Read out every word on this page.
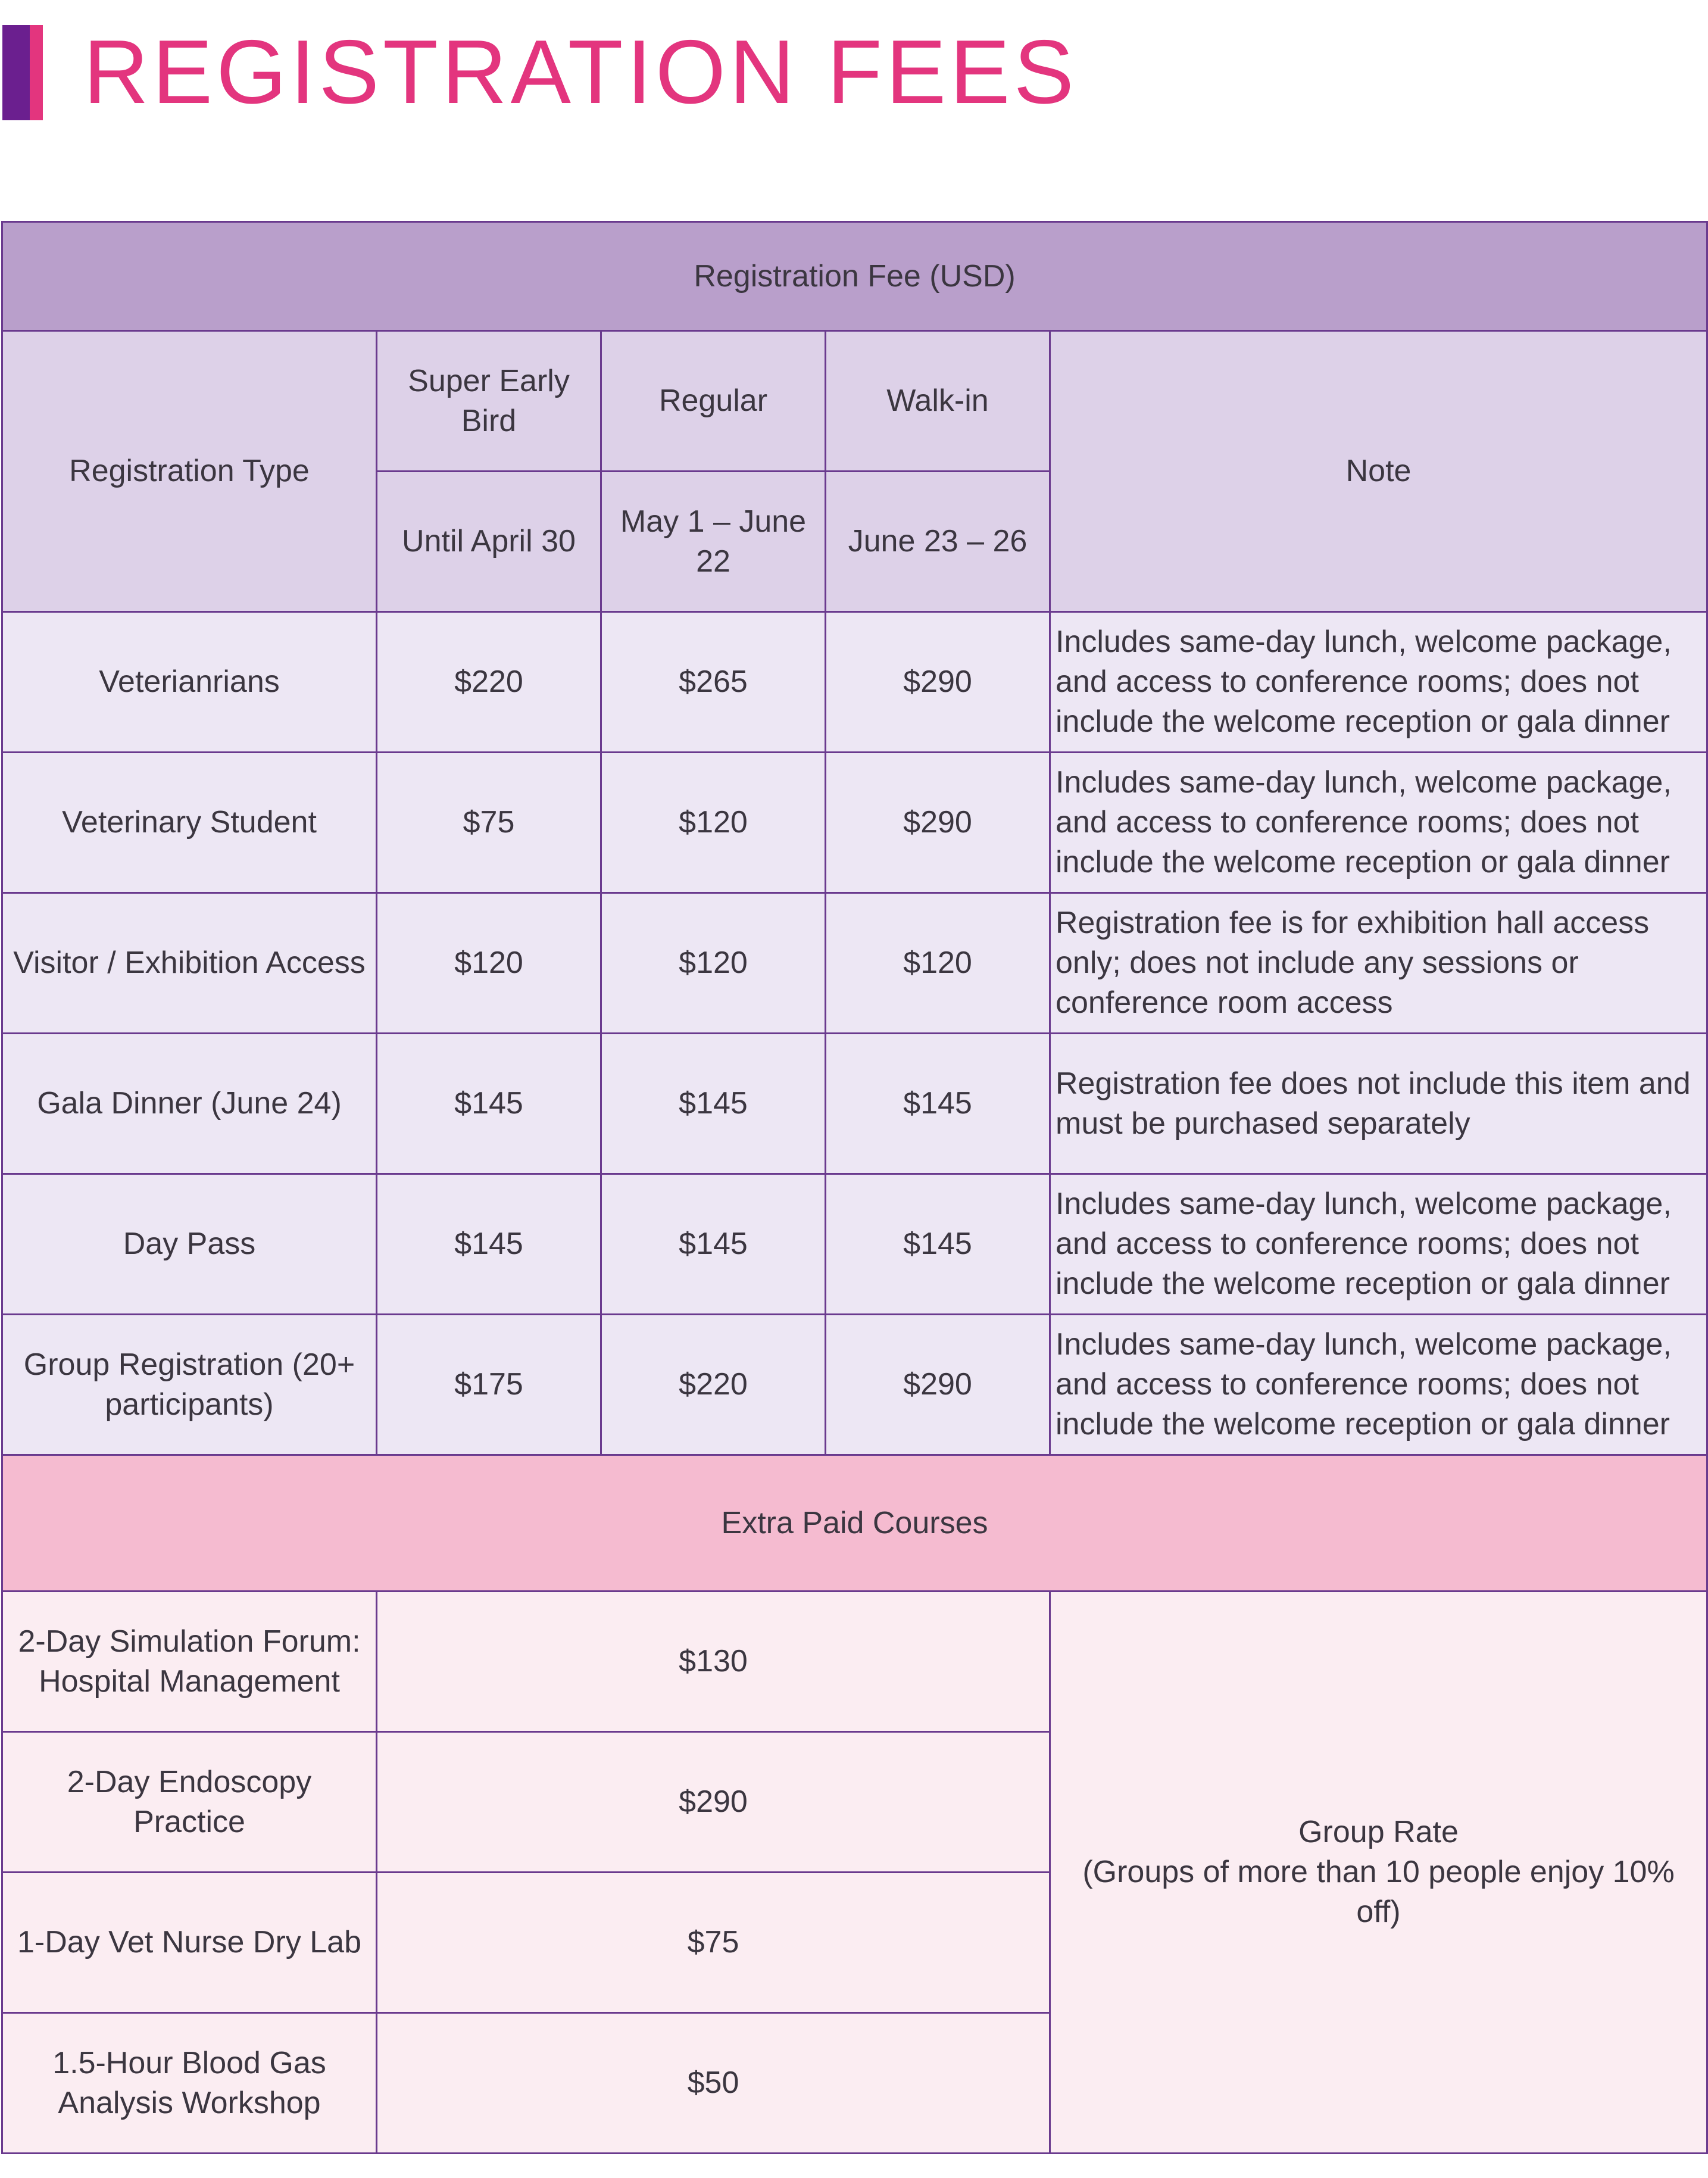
REGISTRATION FEES
Registration Fee (USD)				
Registration Type	Super Early Bird	Regular	Walk-in	Note
	Until April 30	May 1 – June 22	June 23 – 26	
Veterianrians	$220	$265	$290	Includes same-day lunch, welcome package, and access to conference rooms; does not include the welcome reception or gala dinner
Veterinary Student	$75	$120	$290	Includes same-day lunch, welcome package, and access to conference rooms; does not include the welcome reception or gala dinner
Visitor / Exhibition Access	$120	$120	$120	Registration fee is for exhibition hall access only; does not include any sessions or conference room access
Gala Dinner (June 24)	$145	$145	$145	Registration fee does not include this item and must be purchased separately
Day Pass	$145	$145	$145	Includes same-day lunch, welcome package, and access to conference rooms; does not include the welcome reception or gala dinner
Group Registration (20+ participants)	$175	$220	$290	Includes same-day lunch, welcome package, and access to conference rooms; does not include the welcome reception or gala dinner
Extra Paid Courses				
2-Day Simulation Forum: Hospital Management	$130			Group Rate
(Groups of more than 10 people enjoy 10% off)

2-Day Endoscopy Practice	$290			
1-Day Vet Nurse Dry Lab	$75			
1.5-Hour Blood Gas Analysis Workshop	$50			
